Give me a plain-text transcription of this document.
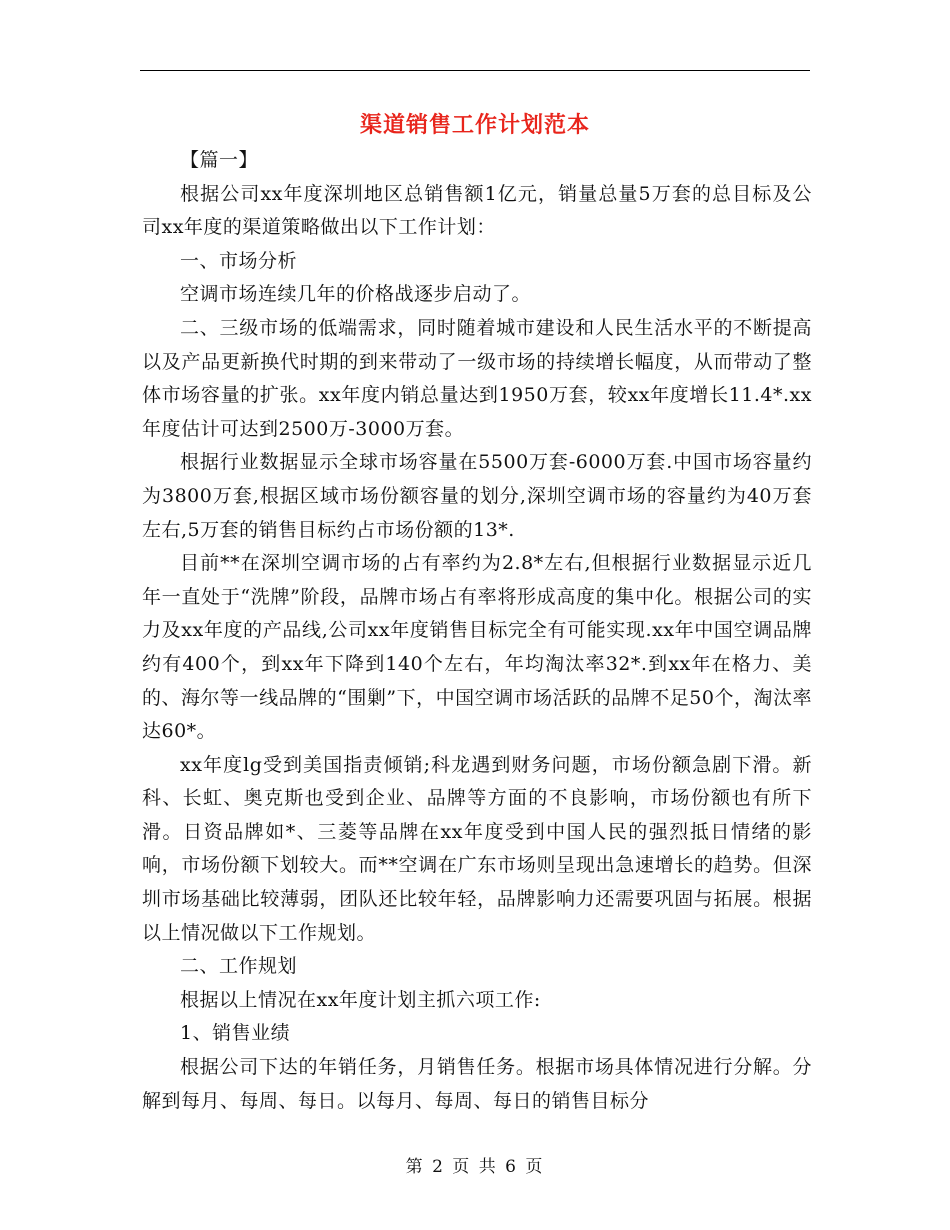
渠道销售工作计划范本

【篇一】

根据公司xx年度深圳地区总销售额1亿元，销量总量5万套的总目标及公司xx年度的渠道策略做出以下工作计划：

一、市场分析

空调市场连续几年的价格战逐步启动了。

二、三级市场的低端需求，同时随着城市建设和人民生活水平的不断提高以及产品更新换代时期的到来带动了一级市场的持续增长幅度，从而带动了整体市场容量的扩张。xx年度内销总量达到1950万套，较xx年度增长11.4*.xx年度估计可达到2500万-3000万套。

根据行业数据显示全球市场容量在5500万套-6000万套.中国市场容量约为3800万套,根据区域市场份额容量的划分,深圳空调市场的容量约为40万套左右,5万套的销售目标约占市场份额的13*.

目前**在深圳空调市场的占有率约为2.8*左右,但根据行业数据显示近几年一直处于“洗牌”阶段，品牌市场占有率将形成高度的集中化。根据公司的实力及xx年度的产品线,公司xx年度销售目标完全有可能实现.xx年中国空调品牌约有400个，到xx年下降到140个左右，年均淘汰率32*.到xx年在格力、美的、海尔等一线品牌的“围剿”下，中国空调市场活跃的品牌不足50个，淘汰率达60*。

xx年度lg受到美国指责倾销;科龙遇到财务问题，市场份额急剧下滑。新科、长虹、奥克斯也受到企业、品牌等方面的不良影响，市场份额也有所下滑。日资品牌如*、三菱等品牌在xx年度受到中国人民的强烈抵日情绪的影响，市场份额下划较大。而**空调在广东市场则呈现出急速增长的趋势。但深圳市场基础比较薄弱，团队还比较年轻，品牌影响力还需要巩固与拓展。根据以上情况做以下工作规划。

二、工作规划

根据以上情况在xx年度计划主抓六项工作:

1、销售业绩

根据公司下达的年销任务，月销售任务。根据市场具体情况进行分解。分解到每月、每周、每日。以每月、每周、每日的销售目标分

第 2 页 共 6 页
